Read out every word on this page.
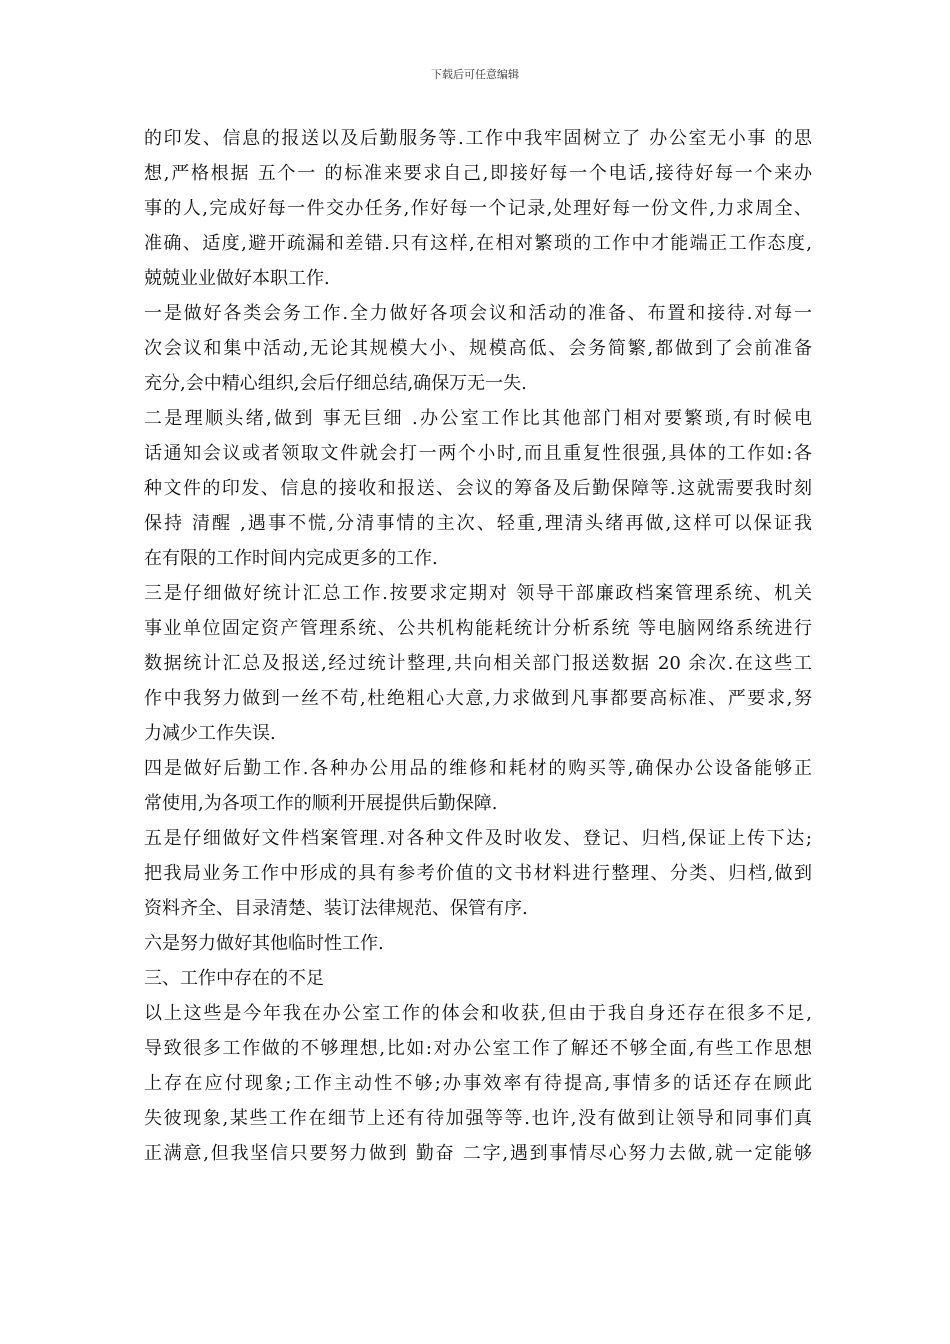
下载后可任意编辑
的印发、信息的报送以及后勤服务等.工作中我牢固树立了 办公室无小事 的思
想,严格根据 五个一 的标准来要求自己,即接好每一个电话,接待好每一个来办
事的人,完成好每一件交办任务,作好每一个记录,处理好每一份文件,力求周全、
准确、适度,避开疏漏和差错.只有这样,在相对繁琐的工作中才能端正工作态度,
兢兢业业做好本职工作.
一是做好各类会务工作.全力做好各项会议和活动的准备、布置和接待.对每一
次会议和集中活动,无论其规模大小、规模高低、会务简繁,都做到了会前准备
充分,会中精心组织,会后仔细总结,确保万无一失.
二是理顺头绪,做到 事无巨细 .办公室工作比其他部门相对要繁琐,有时候电
话通知会议或者领取文件就会打一两个小时,而且重复性很强,具体的工作如:各
种文件的印发、信息的接收和报送、会议的筹备及后勤保障等.这就需要我时刻
保持 清醒 ,遇事不慌,分清事情的主次、轻重,理清头绪再做,这样可以保证我
在有限的工作时间内完成更多的工作.
三是仔细做好统计汇总工作.按要求定期对 领导干部廉政档案管理系统、机关
事业单位固定资产管理系统、公共机构能耗统计分析系统 等电脑网络系统进行
数据统计汇总及报送,经过统计整理,共向相关部门报送数据 20 余次.在这些工
作中我努力做到一丝不苟,杜绝粗心大意,力求做到凡事都要高标准、严要求,努
力减少工作失误.
四是做好后勤工作.各种办公用品的维修和耗材的购买等,确保办公设备能够正
常使用,为各项工作的顺利开展提供后勤保障.
五是仔细做好文件档案管理.对各种文件及时收发、登记、归档,保证上传下达;
把我局业务工作中形成的具有参考价值的文书材料进行整理、分类、归档,做到
资料齐全、目录清楚、装订法律规范、保管有序.
六是努力做好其他临时性工作.
三、工作中存在的不足
以上这些是今年我在办公室工作的体会和收获,但由于我自身还存在很多不足,
导致很多工作做的不够理想,比如:对办公室工作了解还不够全面,有些工作思想
上存在应付现象;工作主动性不够;办事效率有待提高,事情多的话还存在顾此
失彼现象,某些工作在细节上还有待加强等等.也许,没有做到让领导和同事们真
正满意,但我坚信只要努力做到 勤奋 二字,遇到事情尽心努力去做,就一定能够
